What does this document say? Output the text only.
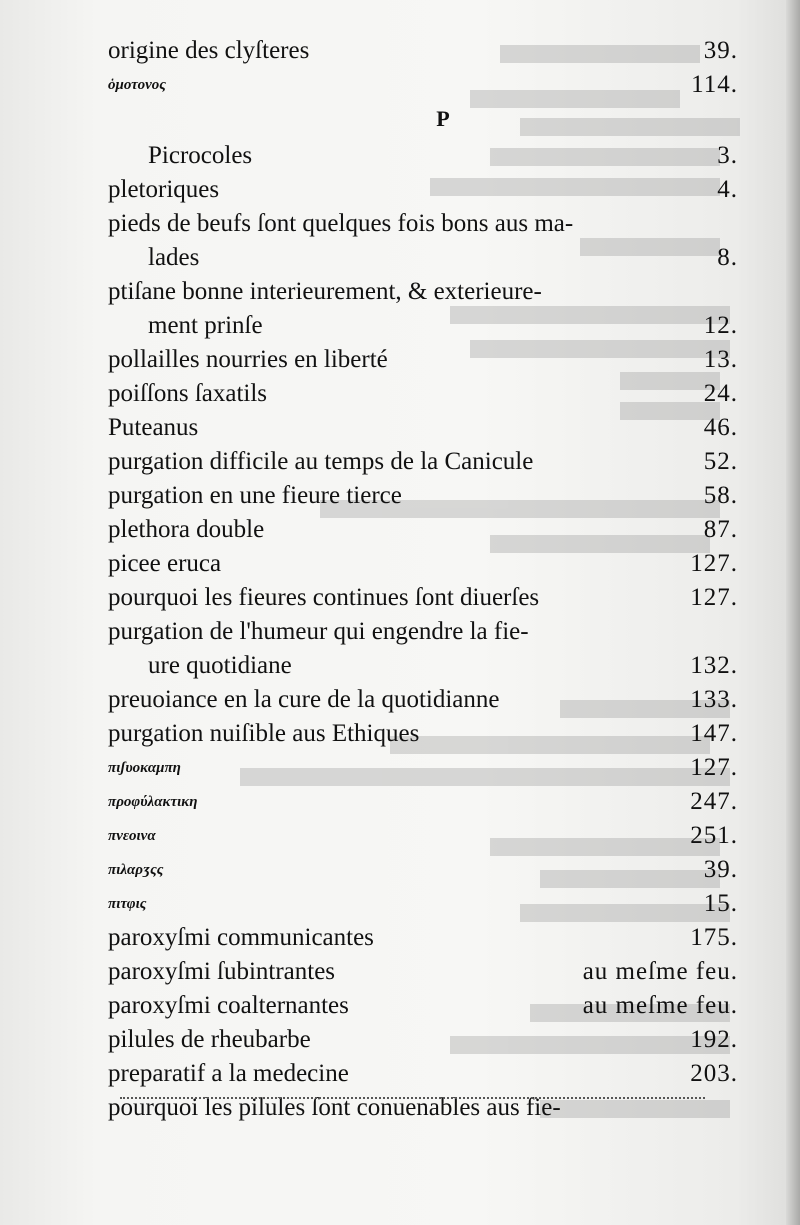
origine des clyſteres	39.
ὁμοτονος	114.
P
Picrocoles	3.
pletoriques	4.
pieds de beufs ſont quelques fois bons aus ma-
lades	8.
ptiſane bonne interieurement, & exterieure-
ment prinſe	12.
pollailles nourries en liberté	13.
poiſſons ſaxatils	24.
Puteanus	46.
purgation difficile au temps de la Canicule	52.
purgation en une fieure tierce	58.
plethora double	87.
picee eruca	127.
pourquoi les fieures continues ſont diuerſes	127.
purgation de l'humeur qui engendre la fie-
ure quotidiane	132.
preuoiance en la cure de la quotidianne	133.
purgation nuiſible aus Ethiques	147.
πιʃυοκαμπη	127.
προφύλακτικη	247.
πνεοινα	251.
πιλαρʒςς	39.
πιτφις	15.
paroxyſmi communicantes	175.
paroxyſmi ſubintrantes	au meſme feu.
paroxyſmi coalternantes	au meſme feu.
pilules de rheubarbe	192.
preparatif a la medecine	203.
pourquoi les pilules ſont conuenables aus fie-
